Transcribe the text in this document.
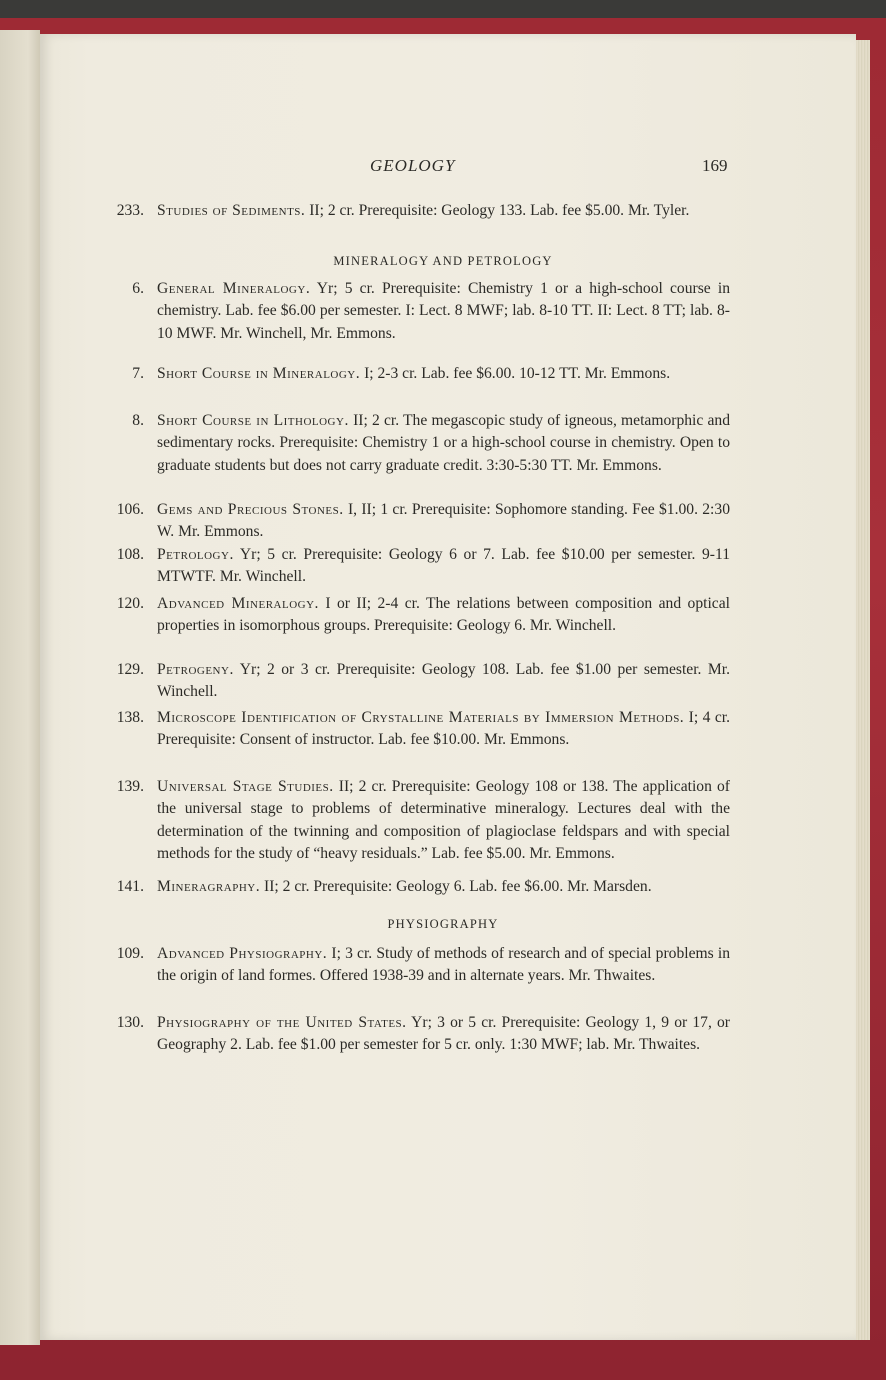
GEOLOGY	169
233. Studies of Sediments. II; 2 cr. Prerequisite: Geology 133. Lab. fee $5.00. Mr. Tyler.
MINERALOGY AND PETROLOGY
6. General Mineralogy. Yr; 5 cr. Prerequisite: Chemistry 1 or a high-school course in chemistry. Lab. fee $6.00 per semester. I: Lect. 8 MWF; lab. 8-10 TT. II: Lect. 8 TT; lab. 8-10 MWF. Mr. Winchell, Mr. Emmons.
7. Short Course in Mineralogy. I; 2-3 cr. Lab. fee $6.00. 10-12 TT. Mr. Emmons.
8. Short Course in Lithology. II; 2 cr. The megascopic study of igneous, metamorphic and sedimentary rocks. Prerequisite: Chemistry 1 or a high-school course in chemistry. Open to graduate students but does not carry graduate credit. 3:30-5:30 TT. Mr. Emmons.
106. Gems and Precious Stones. I, II; 1 cr. Prerequisite: Sophomore standing. Fee $1.00. 2:30 W. Mr. Emmons.
108. Petrology. Yr; 5 cr. Prerequisite: Geology 6 or 7. Lab. fee $10.00 per semester. 9-11 MTWTF. Mr. Winchell.
120. Advanced Mineralogy. I or II; 2-4 cr. The relations between composition and optical properties in isomorphous groups. Prerequisite: Geology 6. Mr. Winchell.
129. Petrogeny. Yr; 2 or 3 cr. Prerequisite: Geology 108. Lab. fee $1.00 per semester. Mr. Winchell.
138. Microscope Identification of Crystalline Materials by Immersion Methods. I; 4 cr. Prerequisite: Consent of instructor. Lab. fee $10.00. Mr. Emmons.
139. Universal Stage Studies. II; 2 cr. Prerequisite: Geology 108 or 138. The application of the universal stage to problems of determinative mineralogy. Lectures deal with the determination of the twinning and composition of plagioclase feldspars and with special methods for the study of “heavy residuals.” Lab. fee $5.00. Mr. Emmons.
141. Mineragraphy. II; 2 cr. Prerequisite: Geology 6. Lab. fee $6.00. Mr. Marsden.
PHYSIOGRAPHY
109. Advanced Physiography. I; 3 cr. Study of methods of research and of special problems in the origin of land formes. Offered 1938-39 and in alternate years. Mr. Thwaites.
130. Physiography of the United States. Yr; 3 or 5 cr. Prerequisite: Geology 1, 9 or 17, or Geography 2. Lab. fee $1.00 per semester for 5 cr. only. 1:30 MWF; lab. Mr. Thwaites.
